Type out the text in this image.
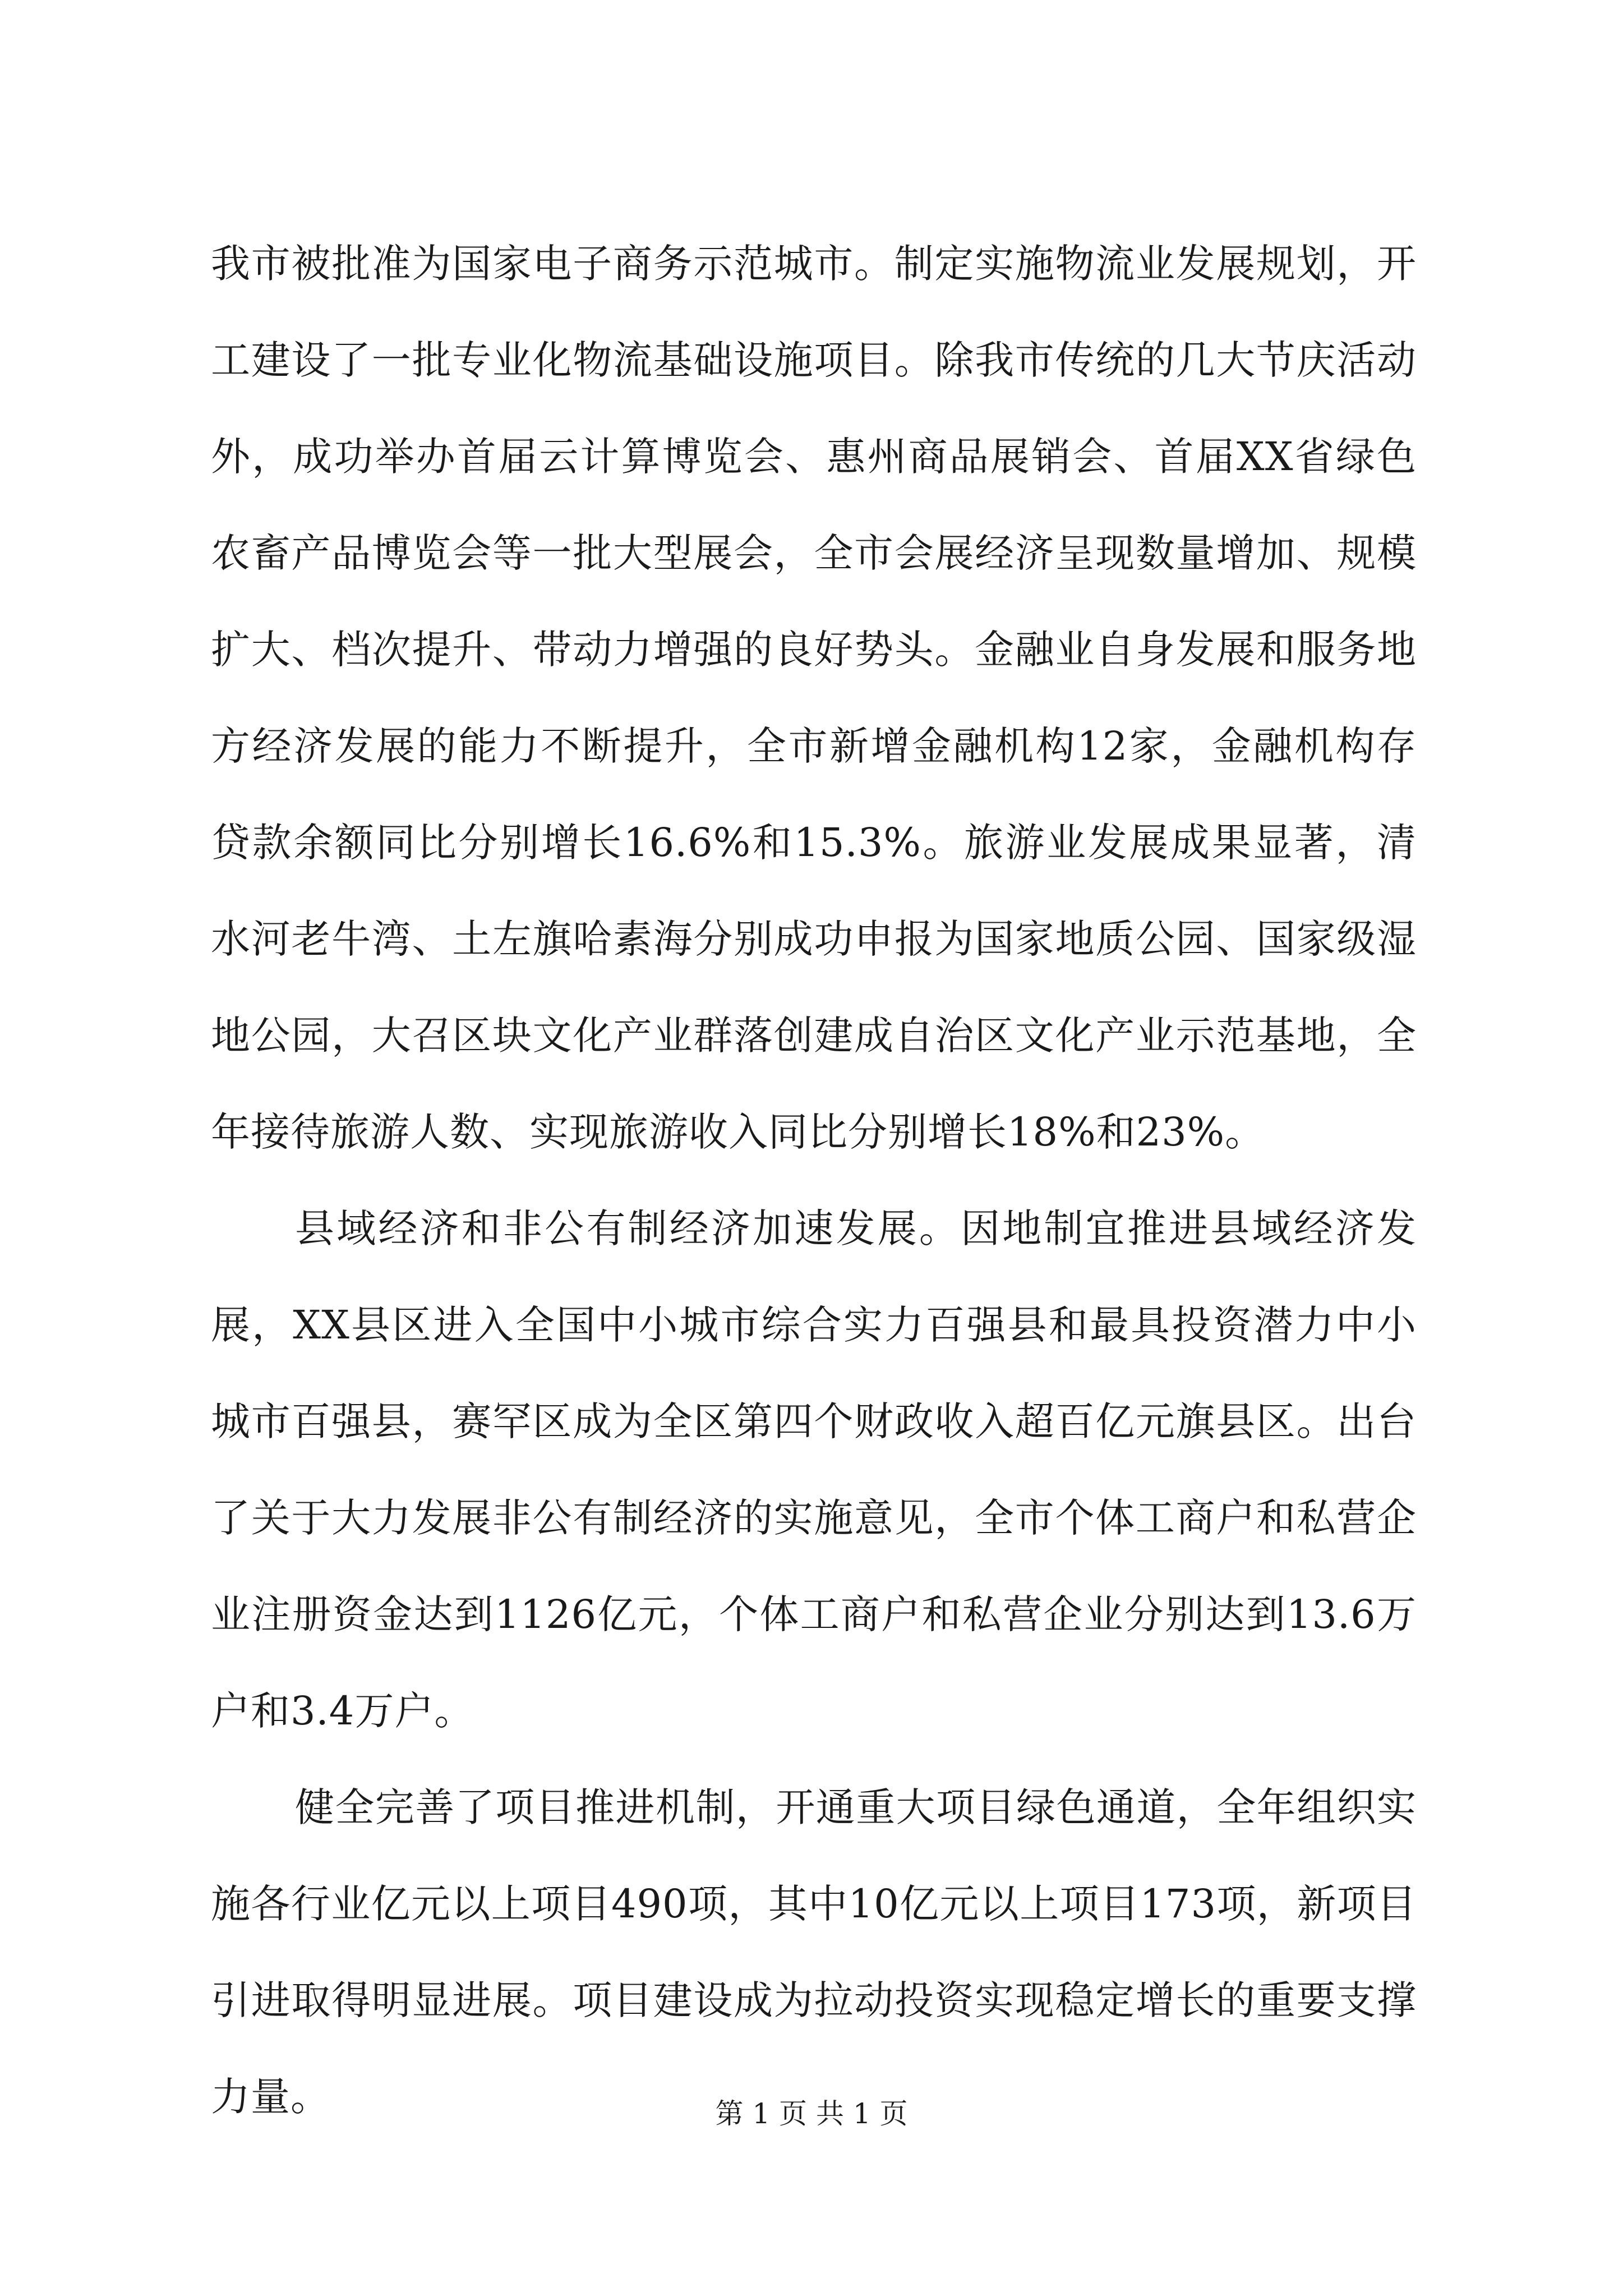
我市被批准为国家电子商务示范城市。制定实施物流业发展规划，开工建设了一批专业化物流基础设施项目。除我市传统的几大节庆活动外，成功举办首届云计算博览会、惠州商品展销会、首届XX省绿色农畜产品博览会等一批大型展会，全市会展经济呈现数量增加、规模扩大、档次提升、带动力增强的良好势头。金融业自身发展和服务地方经济发展的能力不断提升，全市新增金融机构12家，金融机构存贷款余额同比分别增长16.6%和15.3%。旅游业发展成果显著，清水河老牛湾、土左旗哈素海分别成功申报为国家地质公园、国家级湿地公园，大召区块文化产业群落创建成自治区文化产业示范基地，全年接待旅游人数、实现旅游收入同比分别增长18%和23%。

县域经济和非公有制经济加速发展。因地制宜推进县域经济发展，XX县区进入全国中小城市综合实力百强县和最具投资潜力中小城市百强县，赛罕区成为全区第四个财政收入超百亿元旗县区。出台了关于大力发展非公有制经济的实施意见，全市个体工商户和私营企业注册资金达到1126亿元，个体工商户和私营企业分别达到13.6万户和3.4万户。

健全完善了项目推进机制，开通重大项目绿色通道，全年组织实施各行业亿元以上项目490项，其中10亿元以上项目173项，新项目引进取得明显进展。项目建设成为拉动投资实现稳定增长的重要支撑力量。	第 1 页 共 1 页
